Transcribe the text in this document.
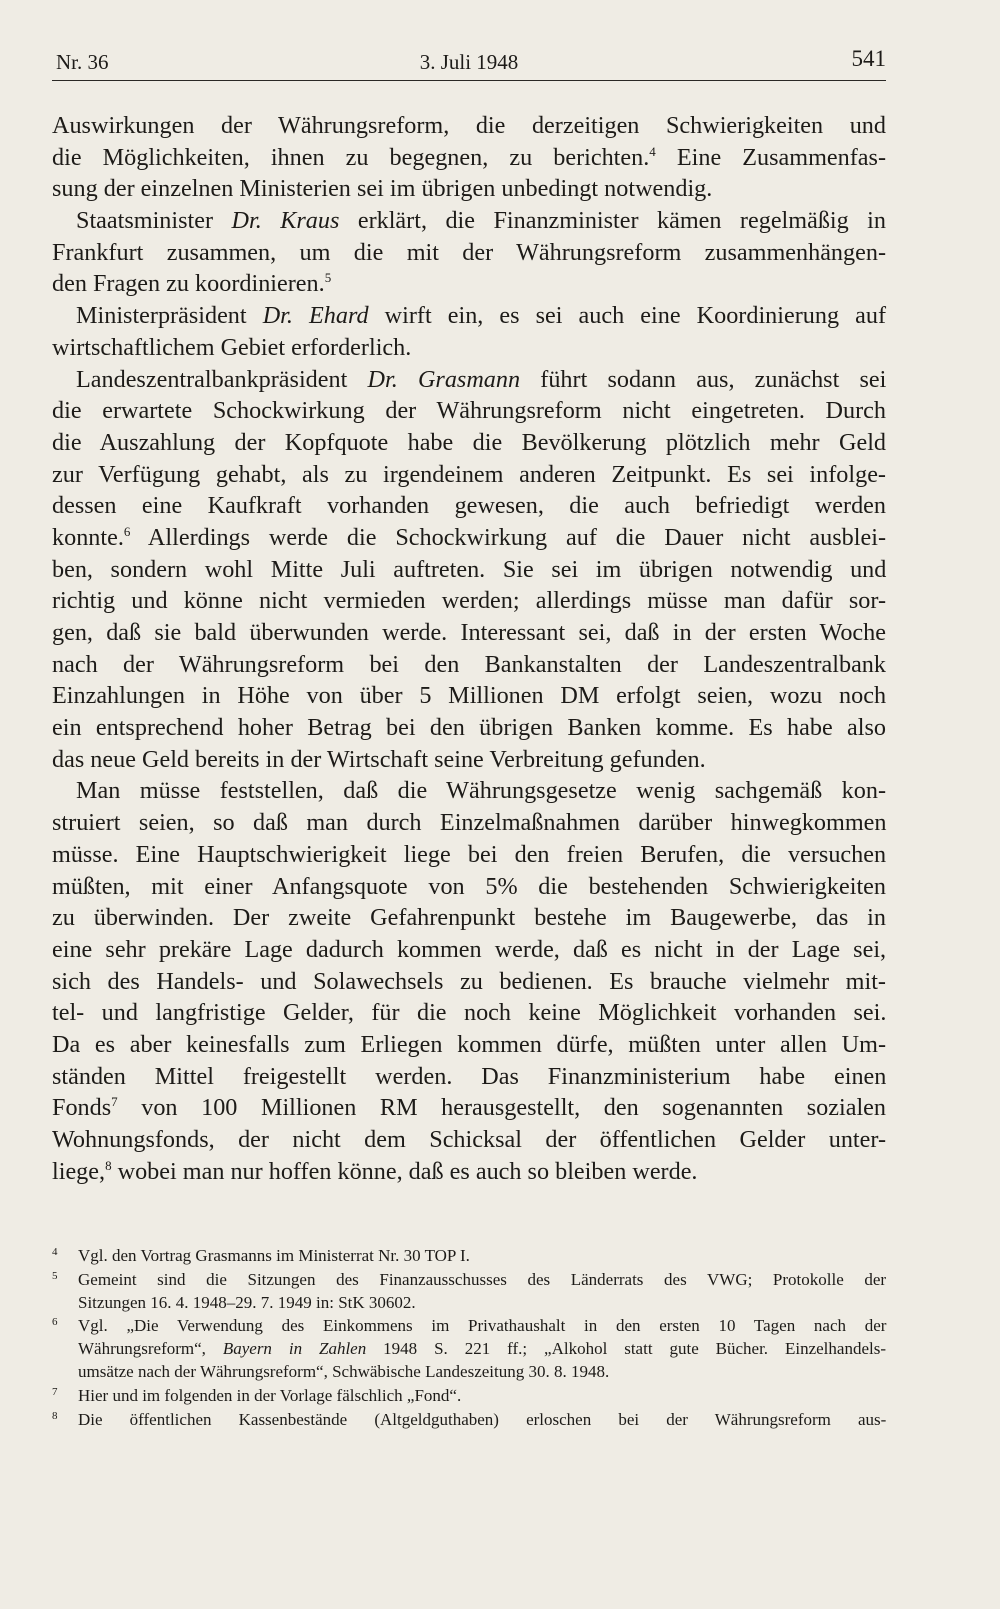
Nr. 36	3. Juli 1948	541
Auswirkungen der Währungsreform, die derzeitigen Schwierigkeiten und
die Möglichkeiten, ihnen zu begegnen, zu berichten.$^4$ Eine Zusammenfas-
sung der einzelnen Ministerien sei im übrigen unbedingt notwendig.
Staatsminister Dr. Kraus erklärt, die Finanzminister kämen regelmäßig in
Frankfurt zusammen, um die mit der Währungsreform zusammenhängen-
den Fragen zu koordinieren.$^5$
Ministerpräsident Dr. Ehard wirft ein, es sei auch eine Koordinierung auf
wirtschaftlichem Gebiet erforderlich.
Landeszentralbankpräsident Dr. Grasmann führt sodann aus, zunächst sei
die erwartete Schockwirkung der Währungsreform nicht eingetreten. Durch
die Auszahlung der Kopfquote habe die Bevölkerung plötzlich mehr Geld
zur Verfügung gehabt, als zu irgendeinem anderen Zeitpunkt. Es sei infolge-
dessen eine Kaufkraft vorhanden gewesen, die auch befriedigt werden
konnte.$^6$ Allerdings werde die Schockwirkung auf die Dauer nicht ausblei-
ben, sondern wohl Mitte Juli auftreten. Sie sei im übrigen notwendig und
richtig und könne nicht vermieden werden; allerdings müsse man dafür sor-
gen, daß sie bald überwunden werde. Interessant sei, daß in der ersten Woche
nach der Währungsreform bei den Bankanstalten der Landeszentralbank
Einzahlungen in Höhe von über 5 Millionen DM erfolgt seien, wozu noch
ein entsprechend hoher Betrag bei den übrigen Banken komme. Es habe also
das neue Geld bereits in der Wirtschaft seine Verbreitung gefunden.
Man müsse feststellen, daß die Währungsgesetze wenig sachgemäß kon-
struiert seien, so daß man durch Einzelmaßnahmen darüber hinwegkommen
müsse. Eine Hauptschwierigkeit liege bei den freien Berufen, die versuchen
müßten, mit einer Anfangsquote von 5% die bestehenden Schwierigkeiten
zu überwinden. Der zweite Gefahrenpunkt bestehe im Baugewerbe, das in
eine sehr prekäre Lage dadurch kommen werde, daß es nicht in der Lage sei,
sich des Handels- und Solawechsels zu bedienen. Es brauche vielmehr mit-
tel- und langfristige Gelder, für die noch keine Möglichkeit vorhanden sei.
Da es aber keinesfalls zum Erliegen kommen dürfe, müßten unter allen Um-
ständen Mittel freigestellt werden. Das Finanzministerium habe einen
Fonds$^7$ von 100 Millionen RM herausgestellt, den sogenannten sozialen
Wohnungsfonds, der nicht dem Schicksal der öffentlichen Gelder unter-
liege,$^8$ wobei man nur hoffen könne, daß es auch so bleiben werde.
4 Vgl. den Vortrag Grasmanns im Ministerrat Nr. 30 TOP I.
5 Gemeint sind die Sitzungen des Finanzausschusses des Länderrats des VWG; Protokolle der
Sitzungen 16. 4. 1948–29. 7. 1949 in: StK 30602.
6 Vgl. „Die Verwendung des Einkommens im Privathaushalt in den ersten 10 Tagen nach der
Währungsreform“, Bayern in Zahlen 1948 S. 221 ff.; „Alkohol statt gute Bücher. Einzelhandels-
umsätze nach der Währungsreform“, Schwäbische Landeszeitung 30. 8. 1948.
7 Hier und im folgenden in der Vorlage fälschlich „Fond“.
8 Die öffentlichen Kassenbestände (Altgeldguthaben) erloschen bei der Währungsreform aus-
